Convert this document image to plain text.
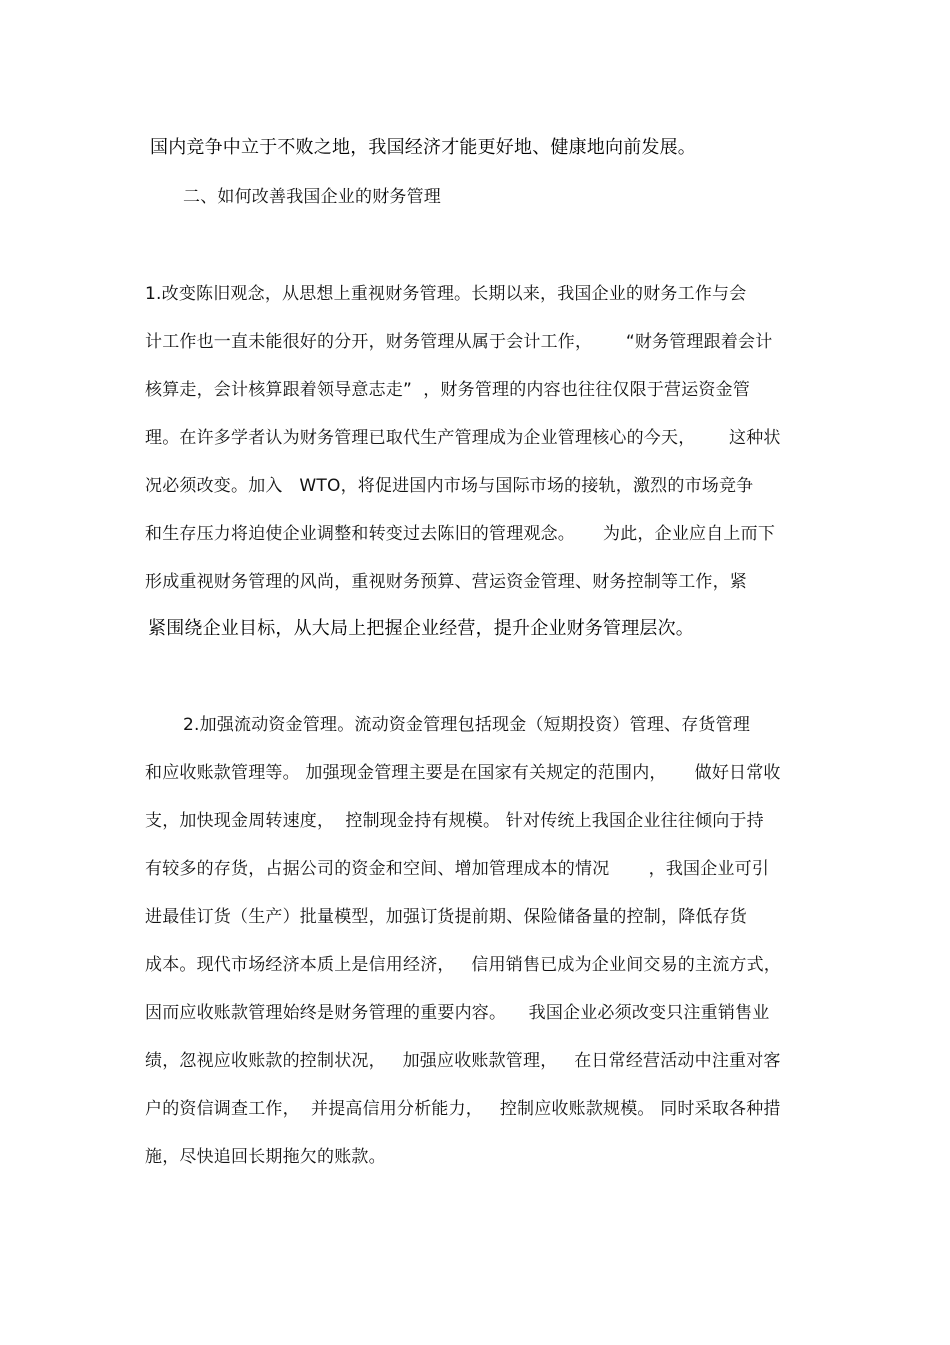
国内竞争中立于不败之地，我国经济才能更好地、健康地向前发展。
二、如何改善我国企业的财务管理
1.改变陈旧观念，从思想上重视财务管理。长期以来，我国企业的财务工作与会
计工作也一直未能很好的分开，财务管理从属于会计工作，      “财务管理跟着会计
核算走，会计核算跟着领导意志走”  ，财务管理的内容也往往仅限于营运资金管
理。在许多学者认为财务管理已取代生产管理成为企业管理核心的今天，      这种状
况必须改变。加入   WTO，将促进国内市场与国际市场的接轨，激烈的市场竞争
和生存压力将迫使企业调整和转变过去陈旧的管理观念。     为此，企业应自上而下
形成重视财务管理的风尚，重视财务预算、营运资金管理、财务控制等工作，紧
紧围绕企业目标，从大局上把握企业经营，提升企业财务管理层次。
2.加强流动资金管理。流动资金管理包括现金（短期投资）管理、存货管理
和应收账款管理等。 加强现金管理主要是在国家有关规定的范围内，     做好日常收
支，加快现金周转速度，  控制现金持有规模。 针对传统上我国企业往往倾向于持
有较多的存货，占据公司的资金和空间、增加管理成本的情况       ，我国企业可引
进最佳订货（生产）批量模型，加强订货提前期、保险储备量的控制，降低存货
成本。现代市场经济本质上是信用经济，   信用销售已成为企业间交易的主流方式，
因而应收账款管理始终是财务管理的重要内容。    我国企业必须改变只注重销售业
绩，忽视应收账款的控制状况，   加强应收账款管理，   在日常经营活动中注重对客
户的资信调查工作，  并提高信用分析能力，   控制应收账款规模。 同时采取各种措
施，尽快追回长期拖欠的账款。
